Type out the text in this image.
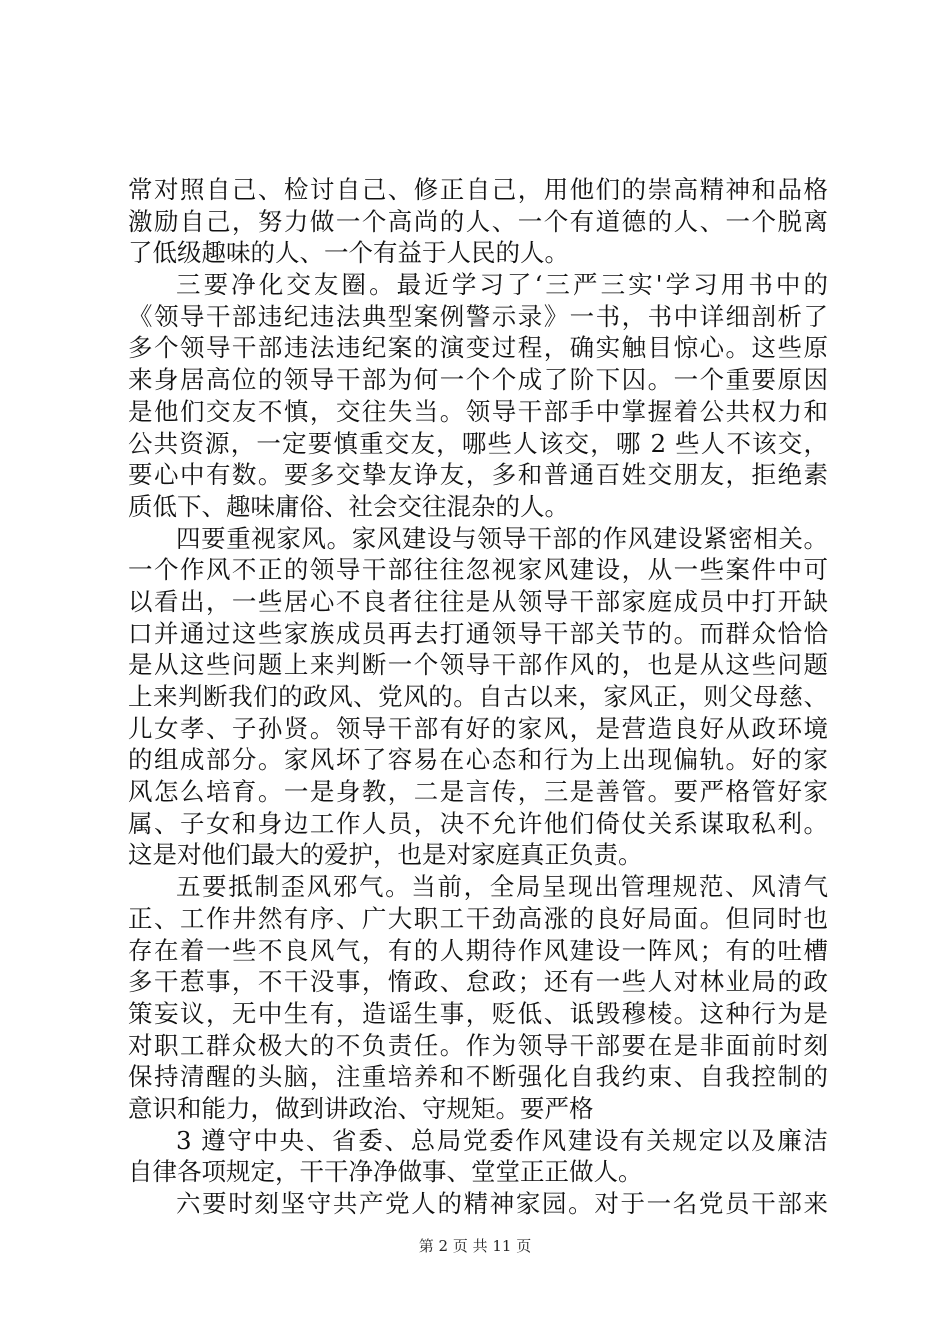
常对照自己、检讨自己、修正自己，用他们的崇高精神和品格
激励自己，努力做一个高尚的人、一个有道德的人、一个脱离
了低级趣味的人、一个有益于人民的人。
三要净化交友圈。最近学习了‘三严三实'学习用书中的
《领导干部违纪违法典型案例警示录》一书，书中详细剖析了
多个领导干部违法违纪案的演变过程，确实触目惊心。这些原
来身居高位的领导干部为何一个个成了阶下囚。一个重要原因
是他们交友不慎，交往失当。领导干部手中掌握着公共权力和
公共资源，一定要慎重交友，哪些人该交，哪 2 些人不该交，
要心中有数。要多交挚友诤友，多和普通百姓交朋友，拒绝素
质低下、趣味庸俗、社会交往混杂的人。
四要重视家风。家风建设与领导干部的作风建设紧密相关。
一个作风不正的领导干部往往忽视家风建设，从一些案件中可
以看出，一些居心不良者往往是从领导干部家庭成员中打开缺
口并通过这些家族成员再去打通领导干部关节的。而群众恰恰
是从这些问题上来判断一个领导干部作风的，也是从这些问题
上来判断我们的政风、党风的。自古以来，家风正，则父母慈、
儿女孝、子孙贤。领导干部有好的家风，是营造良好从政环境
的组成部分。家风坏了容易在心态和行为上出现偏轨。好的家
风怎么培育。一是身教，二是言传，三是善管。要严格管好家
属、子女和身边工作人员，决不允许他们倚仗关系谋取私利。
这是对他们最大的爱护，也是对家庭真正负责。
五要抵制歪风邪气。当前，全局呈现出管理规范、风清气
正、工作井然有序、广大职工干劲高涨的良好局面。但同时也
存在着一些不良风气，有的人期待作风建设一阵风；有的吐槽
多干惹事，不干没事，惰政、怠政；还有一些人对林业局的政
策妄议，无中生有，造谣生事，贬低、诋毁穆棱。这种行为是
对职工群众极大的不负责任。作为领导干部要在是非面前时刻
保持清醒的头脑，注重培养和不断强化自我约束、自我控制的
意识和能力，做到讲政治、守规矩。要严格
3 遵守中央、省委、总局党委作风建设有关规定以及廉洁
自律各项规定，干干净净做事、堂堂正正做人。
六要时刻坚守共产党人的精神家园。对于一名党员干部来
第 2 页 共 11 页
